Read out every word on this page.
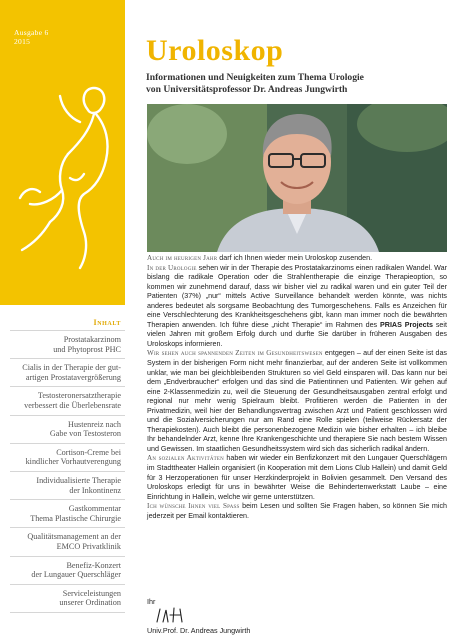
Ausgabe 6
2015
Inhalt
Prostatakarzinom
und Phytoprost PHC
Cialis in der Therapie der gut-
artigen Prostatavergrößerung
Testosteronersatztherapie
verbessert die Überlebensrate
Hustenreiz nach
Gabe von Testosteron
Cortison-Creme bei
kindlicher Vorhautverengung
Individualisierte Therapie
der Inkontinenz
Gastkommentar
Thema Plastische Chirurgie
Qualitätsmanagement an der
EMCO Privatklinik
Benefiz-Konzert
der Lungauer Querschläger
Serviceleistungen
unserer Ordination
Uroloskop
Informationen und Neuigkeiten zum Thema Urologie
von Universitätsprofessor Dr. Andreas Jungwirth

Auch im heurigen Jahr darf ich Ihnen wieder mein Uroloskop zusenden.

In der Urologie sehen wir in der Therapie des Prostatakarzinoms einen radikalen Wandel. War bislang die radikale Operation oder die Strahlentherapie die einzige Therapieoption, so kommen wir zunehmend darauf, dass wir bisher viel zu radikal waren und ein guter Teil der Patienten (37%) „nur“ mittels Active Surveillance behandelt werden könnte, was nichts anderes bedeutet als sorgsame Beobachtung des Tumorgeschehens. Falls es Anzeichen für eine Verschlechterung des Krankheitsgeschehens gibt, kann man immer noch die bewährten Therapien anwenden. Ich führe diese „nicht Therapie“ im Rahmen des PRIAS Projects seit vielen Jahren mit großem Erfolg durch und durfte Sie darüber in früheren Ausgaben des Uroloskops informieren.

Wir sehen auch spannenden Zeiten im Gesundheitswesen entgegen – auf der einen Seite ist das System in der bisherigen Form nicht mehr finanzierbar, auf der anderen Seite ist vollkommen unklar, wie man bei gleichbleibenden Strukturen so viel Geld einsparen will. Das kann nur bei dem „Endverbraucher“ erfolgen und das sind die Patientinnen und Patienten. Wir gehen auf eine 2-Klassenmedizin zu, weil die Steuerung der Gesundheitsausgaben zentral erfolgt und regional nur mehr wenig Spielraum bleibt. Profitieren werden die Patienten in der Privatmedizin, weil hier der Behandlungsvertrag zwischen Arzt und Patient geschlossen wird und die Sozialversicherungen nur am Rand eine Rolle spielen (teilweise Rückersatz der Therapiekosten). Auch bleibt die personenbezogene Medizin wie bisher erhalten – ich bleibe Ihr behandelnder Arzt, kenne Ihre Krankengeschichte und therapiere Sie nach bestem Wissen und Gewissen. Im staatlichen Gesundheitssystem wird sich das sicherlich radikal ändern.

An sozialen Aktivitäten haben wir wieder ein Benfizkonzert mit den Lungauer Querschlägern im Stadttheater Hallein organisiert (in Kooperation mit dem Lions Club Hallein) und damit Geld für 3 Herzoperationen für unser Herzkinderprojekt in Bolivien gesammelt. Den Versand des Uroloskops erledigt für uns in bewährter Weise die Behindertenwerkstatt Laube – eine Einrichtung in Hallein, welche wir gerne unterstützen.

Ich wünsche Ihnen viel Spass beim Lesen und sollten Sie Fragen haben, so können Sie mich jederzeit per Email kontaktieren.

Ihr
Univ.Prof. Dr. Andreas Jungwirth
